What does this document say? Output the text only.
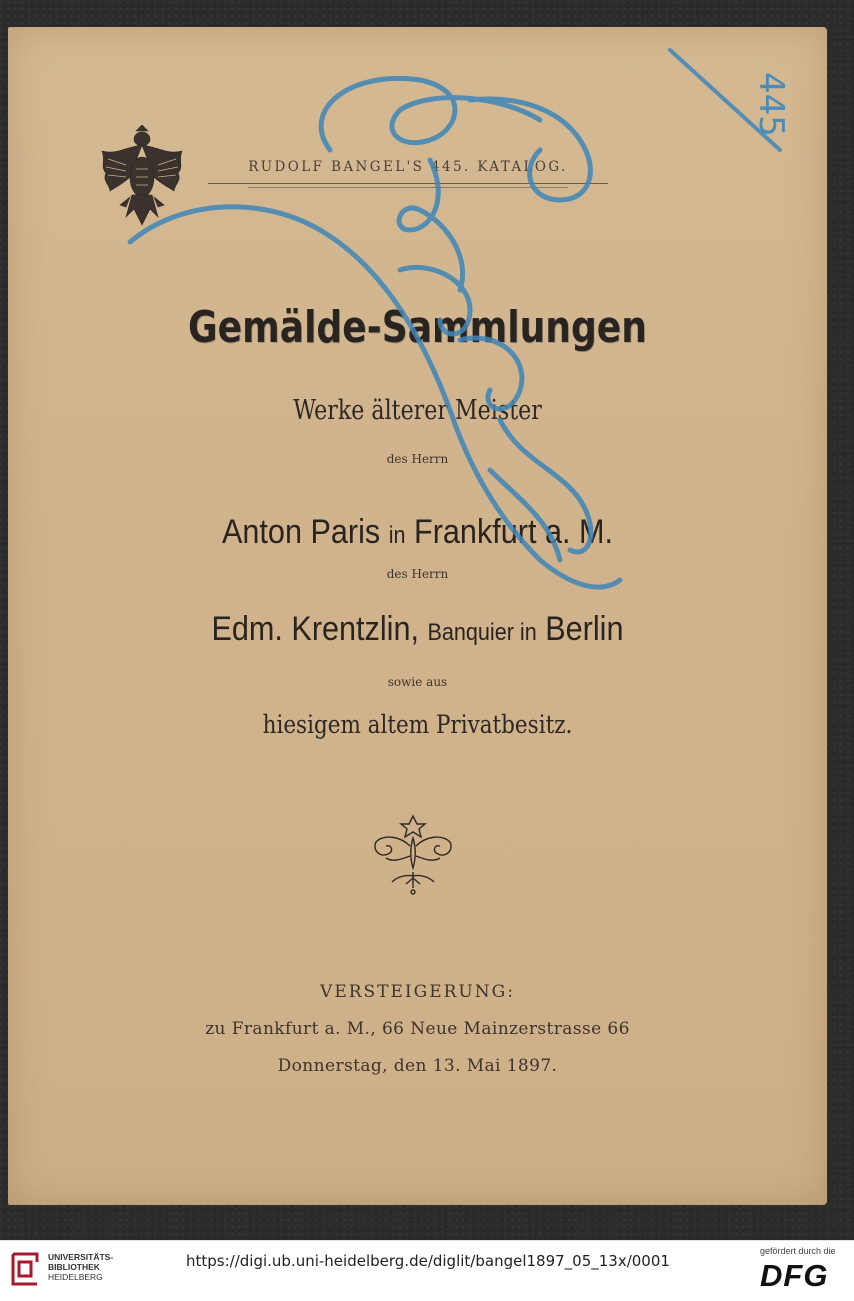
RUDOLF BANGEL'S 445. KATALOG.
Gemälde-Sammlungen
Werke älterer Meister
des Herrn
Anton Paris in Frankfurt a. M.
des Herrn
Edm. Krentzlin, Banquier in Berlin
sowie aus
hiesigem altem Privatbesitz.
VERSTEIGERUNG:
zu Frankfurt a. M., 66 Neue Mainzerstrasse 66
Donnerstag, den 13. Mai 1897.
445
UNIVERSITÄTS-
BIBLIOTHEK
HEIDELBERG
https://digi.ub.uni-heidelberg.de/diglit/bangel1897_05_13x/0001
gefördert durch die
DFG
